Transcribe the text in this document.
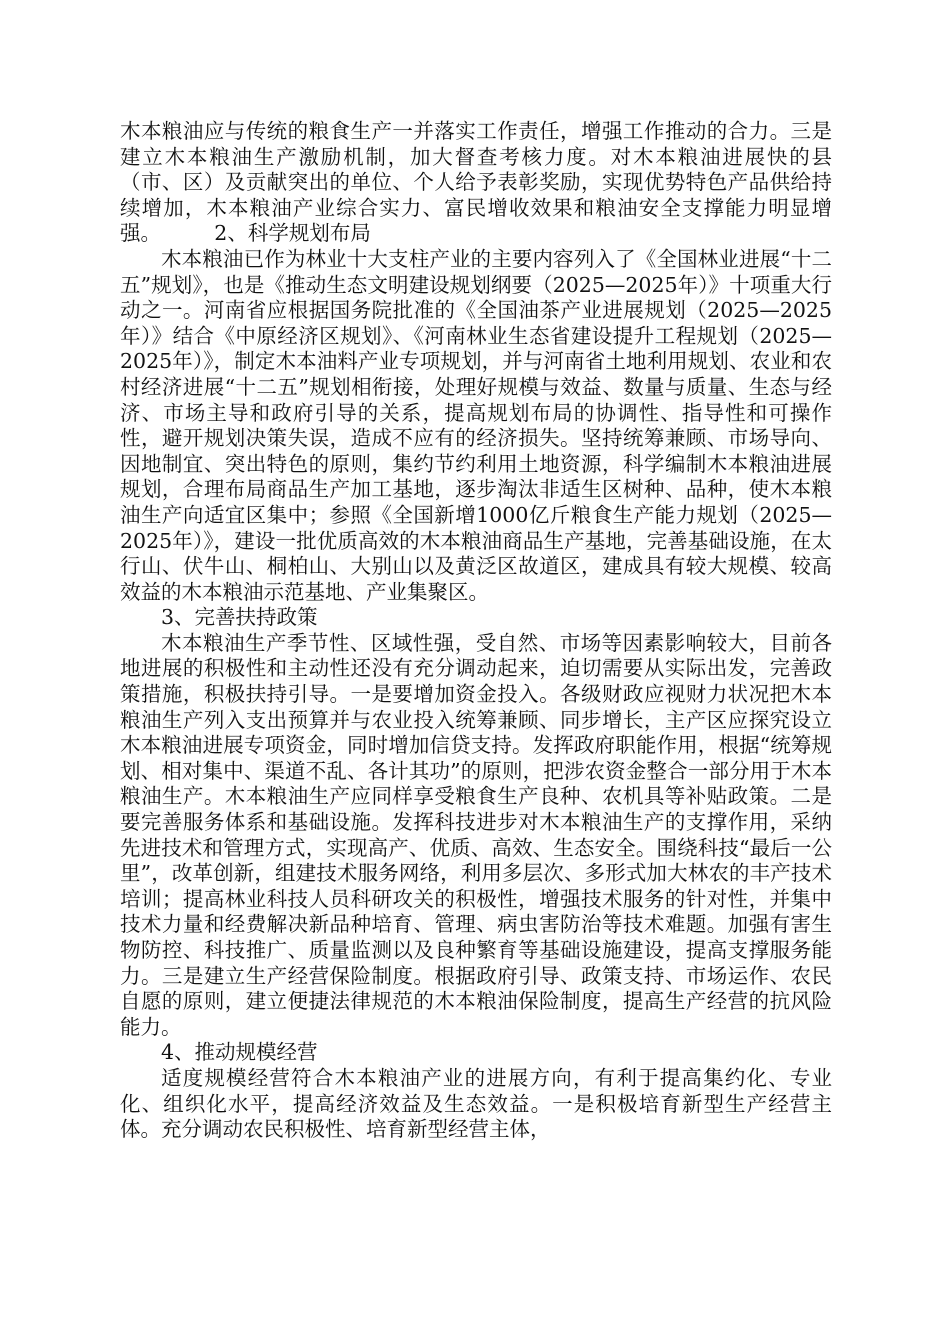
木本粮油应与传统的粮食生产一并落实工作责任，增强工作推动的合力。三是建立木本粮油生产激励机制，加大督查考核力度。对木本粮油进展快的县（市、区）及贡献突出的单位、个人给予表彰奖励，实现优势特色产品供给持续增加，木本粮油产业综合实力、富民增收效果和粮油安全支撑能力明显增强。	2、科学规划布局

木本粮油已作为林业十大支柱产业的主要内容列入了《全国林业进展“十二五”规划》，也是《推动生态文明建设规划纲要（2025—2025年）》十项重大行动之一。河南省应根据国务院批准的《全国油茶产业进展规划（2025—2025年）》结合《中原经济区规划》、《河南林业生态省建设提升工程规划（2025—2025年）》，制定木本油料产业专项规划，并与河南省土地利用规划、农业和农村经济进展“十二五”规划相衔接，处理好规模与效益、数量与质量、生态与经济、市场主导和政府引导的关系，提高规划布局的协调性、指导性和可操作性，避开规划决策失误，造成不应有的经济损失。坚持统筹兼顾、市场导向、因地制宜、突出特色的原则，集约节约利用土地资源，科学编制木本粮油进展规划，合理布局商品生产加工基地，逐步淘汰非适生区树种、品种，使木本粮油生产向适宜区集中；参照《全国新增1000亿斤粮食生产能力规划（2025—2025年）》，建设一批优质高效的木本粮油商品生产基地，完善基础设施，在太行山、伏牛山、桐柏山、大别山以及黄泛区故道区，建成具有较大规模、较高效益的木本粮油示范基地、产业集聚区。

3、完善扶持政策

木本粮油生产季节性、区域性强，受自然、市场等因素影响较大，目前各地进展的积极性和主动性还没有充分调动起来，迫切需要从实际出发，完善政策措施，积极扶持引导。一是要增加资金投入。各级财政应视财力状况把木本粮油生产列入支出预算并与农业投入统筹兼顾、同步增长，主产区应探究设立木本粮油进展专项资金，同时增加信贷支持。发挥政府职能作用，根据“统筹规划、相对集中、渠道不乱、各计其功”的原则，把涉农资金整合一部分用于木本粮油生产。木本粮油生产应同样享受粮食生产良种、农机具等补贴政策。二是要完善服务体系和基础设施。发挥科技进步对木本粮油生产的支撑作用，采纳先进技术和管理方式，实现高产、优质、高效、生态安全。围绕科技“最后一公里”，改革创新，组建技术服务网络，利用多层次、多形式加大林农的丰产技术培训；提高林业科技人员科研攻关的积极性，增强技术服务的针对性，并集中技术力量和经费解决新品种培育、管理、病虫害防治等技术难题。加强有害生物防控、科技推广、质量监测以及良种繁育等基础设施建设，提高支撑服务能力。三是建立生产经营保险制度。根据政府引导、政策支持、市场运作、农民自愿的原则，建立便捷法律规范的木本粮油保险制度，提高生产经营的抗风险能力。

4、推动规模经营

适度规模经营符合木本粮油产业的进展方向，有利于提高集约化、专业化、组织化水平，提高经济效益及生态效益。一是积极培育新型生产经营主体。充分调动农民积极性、培育新型经营主体，
